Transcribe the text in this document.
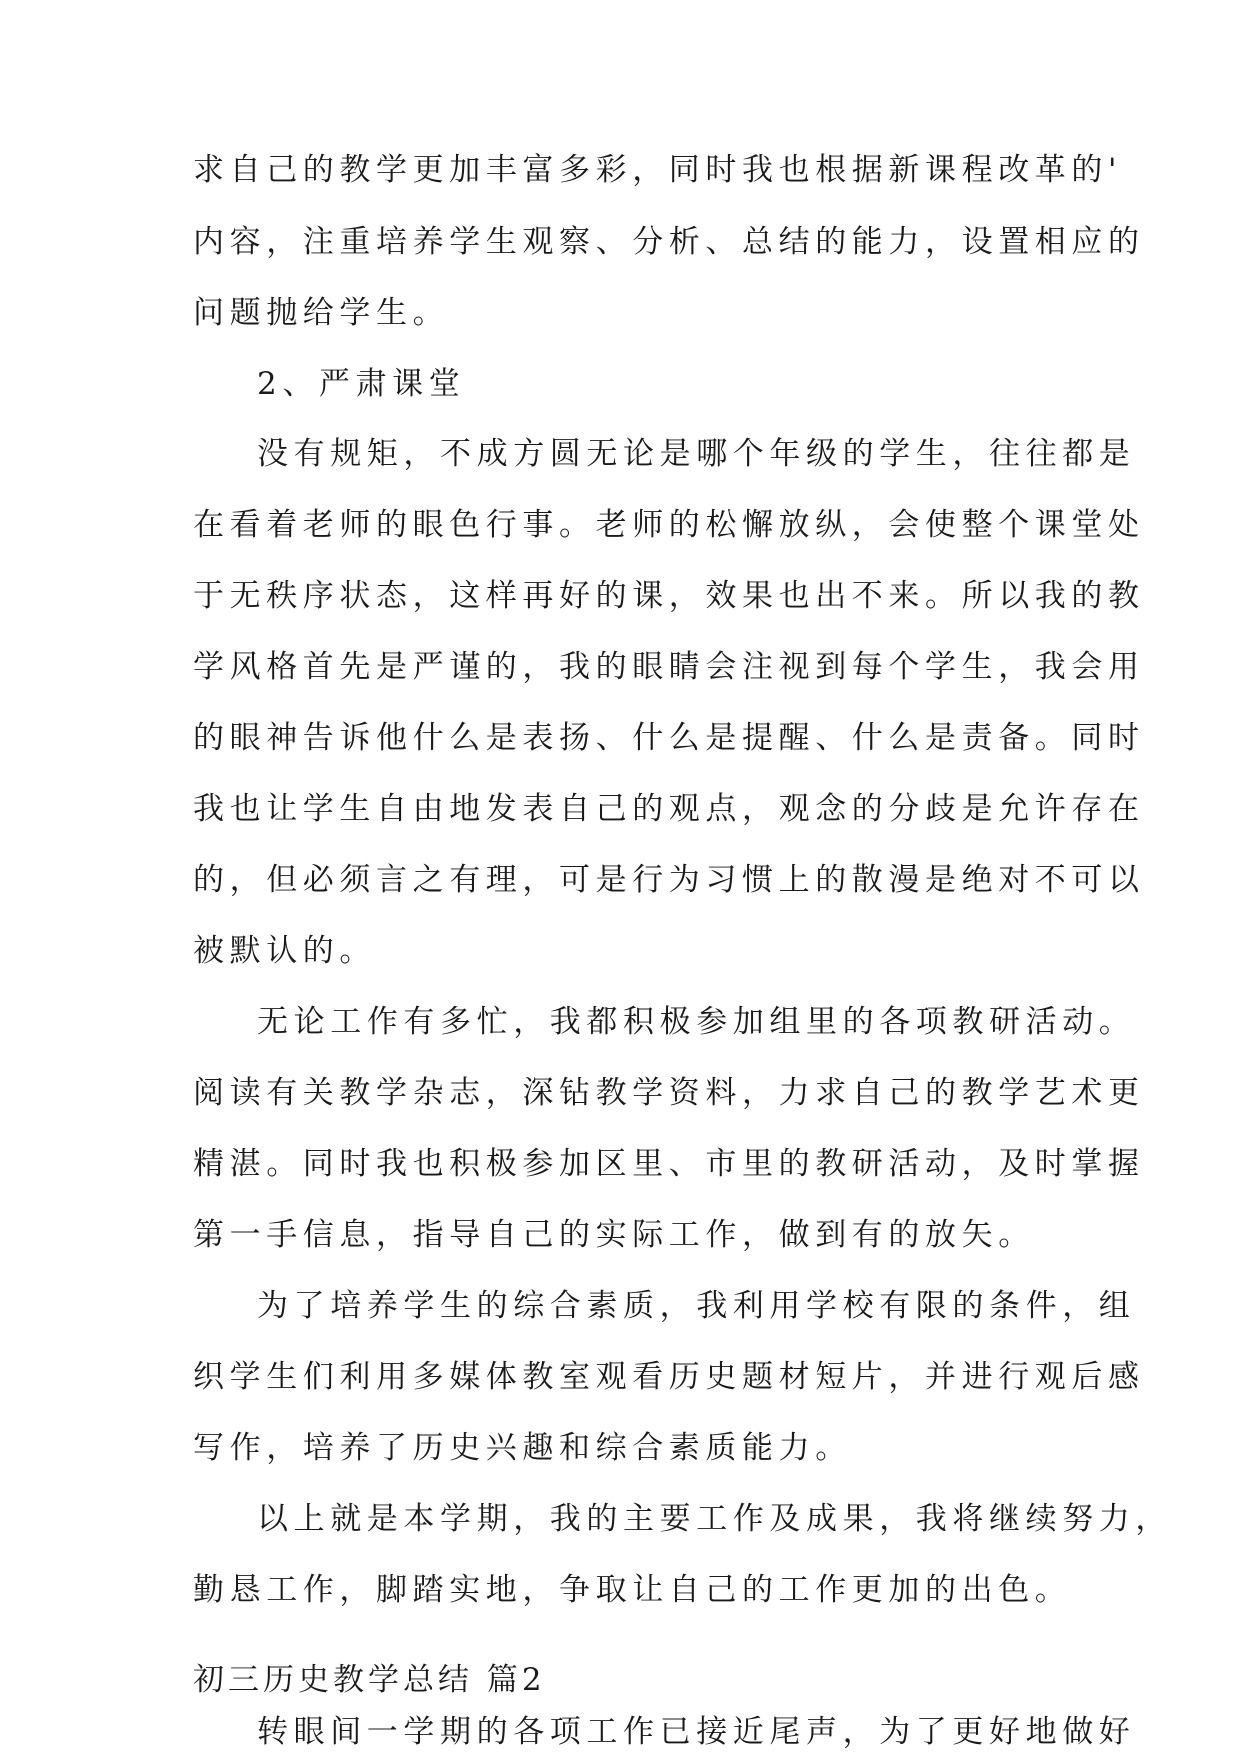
求自己的教学更加丰富多彩，同时我也根据新课程改革的'
内容，注重培养学生观察、分析、总结的能力，设置相应的
问题抛给学生。
2、严肃课堂
没有规矩，不成方圆无论是哪个年级的学生，往往都是
在看着老师的眼色行事。老师的松懈放纵，会使整个课堂处
于无秩序状态，这样再好的课，效果也出不来。所以我的教
学风格首先是严谨的，我的眼睛会注视到每个学生，我会用
的眼神告诉他什么是表扬、什么是提醒、什么是责备。同时
我也让学生自由地发表自己的观点，观念的分歧是允许存在
的，但必须言之有理，可是行为习惯上的散漫是绝对不可以
被默认的。
无论工作有多忙，我都积极参加组里的各项教研活动。
阅读有关教学杂志，深钻教学资料，力求自己的教学艺术更
精湛。同时我也积极参加区里、市里的教研活动，及时掌握
第一手信息，指导自己的实际工作，做到有的放矢。
为了培养学生的综合素质，我利用学校有限的条件，组
织学生们利用多媒体教室观看历史题材短片，并进行观后感
写作，培养了历史兴趣和综合素质能力。
以上就是本学期，我的主要工作及成果，我将继续努力，
勤恳工作，脚踏实地，争取让自己的工作更加的出色。
初三历史教学总结 篇2
转眼间一学期的各项工作已接近尾声，为了更好地做好
